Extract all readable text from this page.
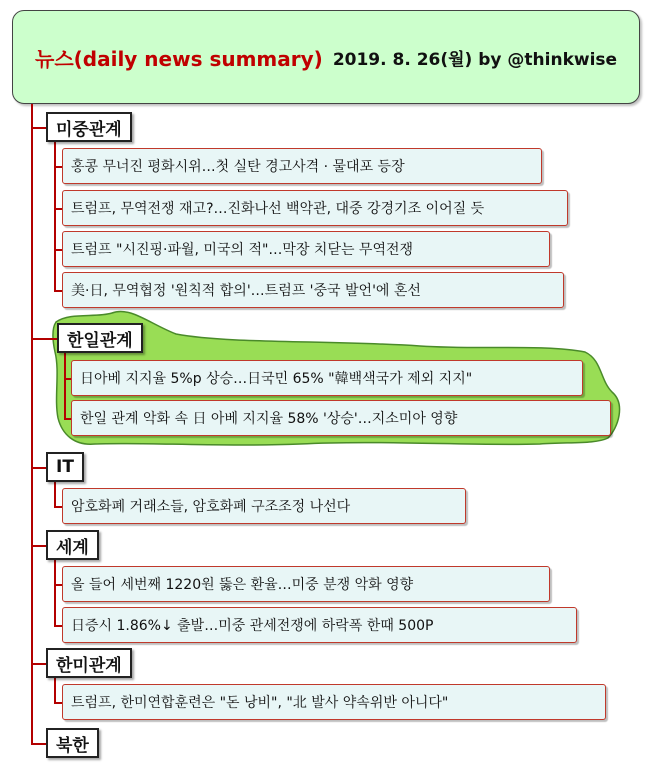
뉴스(daily news summary) 2019. 8. 26(월) by @thinkwise
미중관계
한일관계
IT
세계
한미관계
북한
홍콩 무너진 평화시위…첫 실탄 경고사격 · 물대포 등장
트럼프, 무역전쟁 재고?…진화나선 백악관, 대중 강경기조 이어질 듯
트럼프 "시진핑·파월, 미국의 적"…막장 치닫는 무역전쟁
美·日, 무역협정 '원칙적 합의'…트럼프 '중국 발언'에 혼선
日아베 지지율 5%p 상승…日국민 65% "韓백색국가 제외 지지"
한일 관계 악화 속 日 아베 지지율 58% '상승'…지소미아 영향
암호화폐 거래소들, 암호화폐 구조조정 나선다
올 들어 세번째 1220원 뚫은 환율…미중 분쟁 악화 영향
日증시 1.86%↓ 출발…미중 관세전쟁에 하락폭 한때 500P
트럼프, 한미연합훈련은 "돈 낭비", "北 발사 약속위반 아니다"
